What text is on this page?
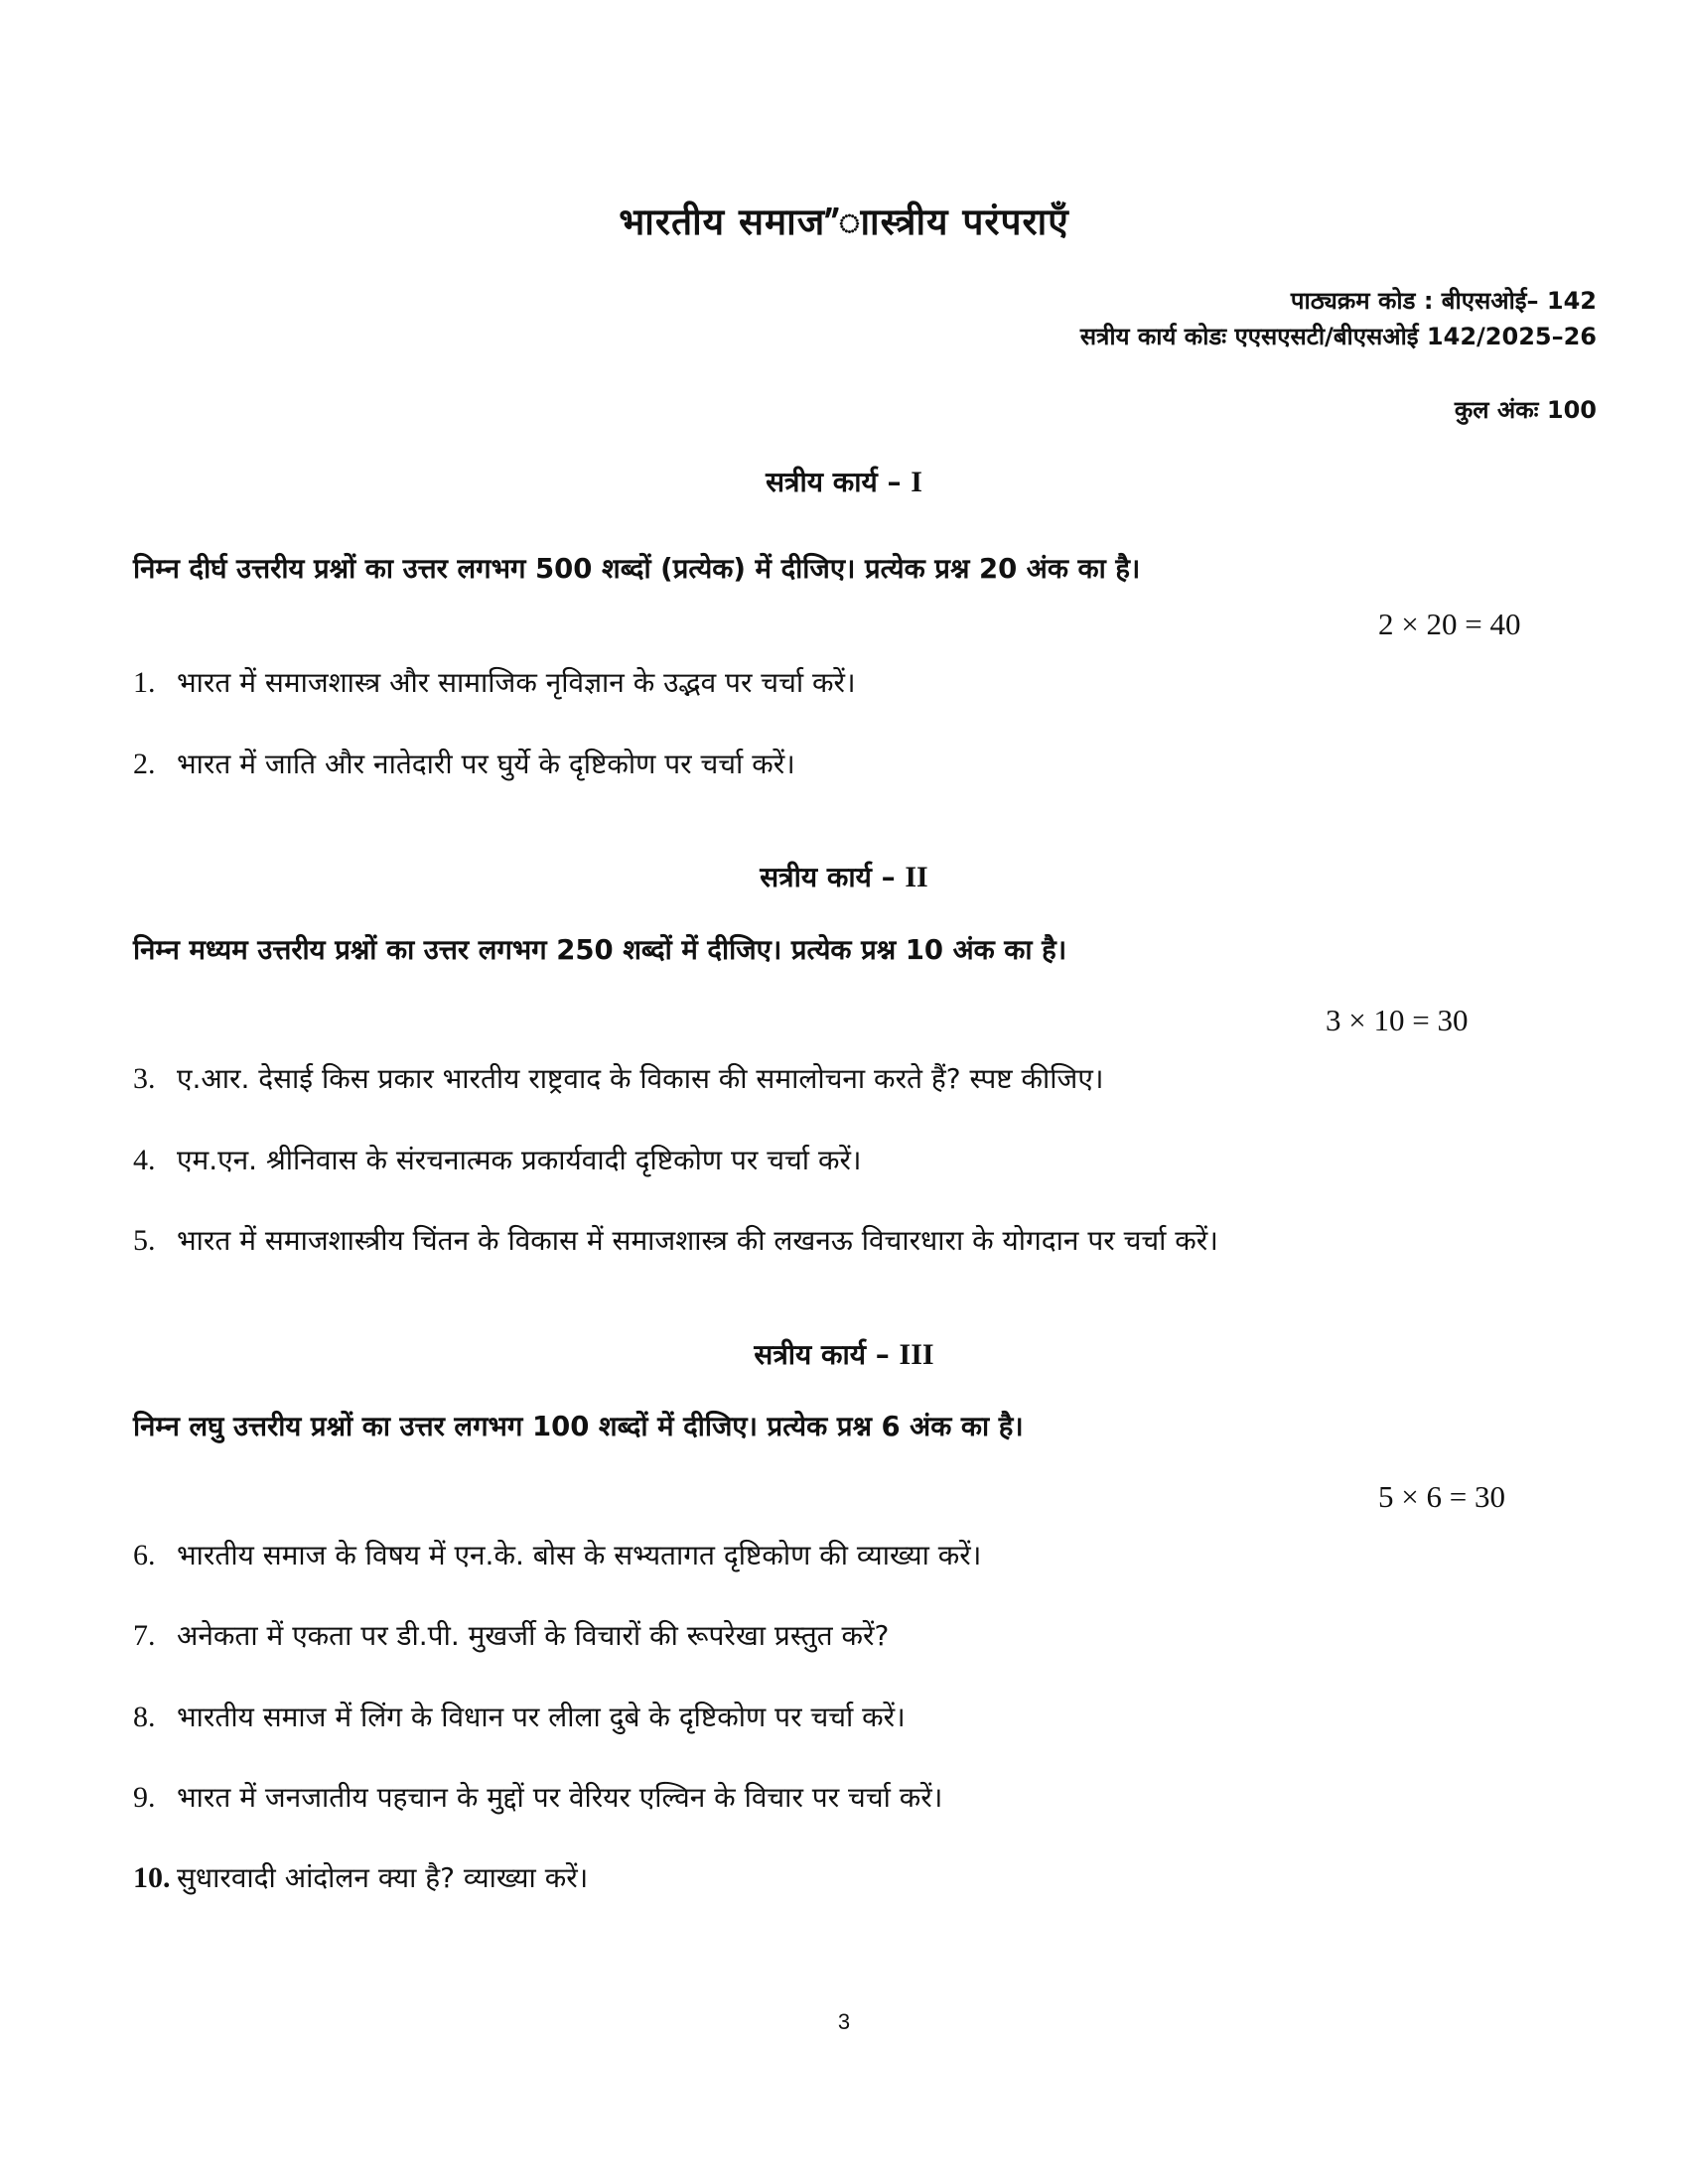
भारतीय समाज”ाास्त्रीय परंपराएँ
पाठ्यक्रम कोड : बीएसओई– 142
सत्रीय कार्य कोडः एएसएसटी/बीएसओई 142/2025–26
कुल अंकः 100
सत्रीय कार्य – I
निम्न दीर्घ उत्तरीय प्रश्नों का उत्तर लगभग 500 शब्दों (प्रत्येक) में दीजिए। प्रत्येक प्रश्न 20 अंक का है।
2 × 20 = 40
1. भारत में समाजशास्त्र और सामाजिक नृविज्ञान के उद्भव पर चर्चा करें।
2. भारत में जाति और नातेदारी पर घुर्ये के दृष्टिकोण पर चर्चा करें।
सत्रीय कार्य – II
निम्न मध्यम उत्तरीय प्रश्नों का उत्तर लगभग 250 शब्दों में दीजिए। प्रत्येक प्रश्न 10 अंक का है।
3 × 10 = 30
3. ए.आर. देसाई किस प्रकार भारतीय राष्ट्रवाद के विकास की समालोचना करते हैं? स्पष्ट कीजिए।
4. एम.एन. श्रीनिवास के संरचनात्मक प्रकार्यवादी दृष्टिकोण पर चर्चा करें।
5. भारत में समाजशास्त्रीय चिंतन के विकास में समाजशास्त्र की लखनऊ विचारधारा के योगदान पर चर्चा करें।
सत्रीय कार्य – III
निम्न लघु उत्तरीय प्रश्नों का उत्तर लगभग 100 शब्दों में दीजिए। प्रत्येक प्रश्न 6 अंक का है।
5 × 6 = 30
6. भारतीय समाज के विषय में एन.के. बोस के सभ्यतागत दृष्टिकोण की व्याख्या करें।
7. अनेकता में एकता पर डी.पी. मुखर्जी के विचारों की रूपरेखा प्रस्तुत करें?
8. भारतीय समाज में लिंग के विधान पर लीला दुबे के दृष्टिकोण पर चर्चा करें।
9. भारत में जनजातीय पहचान के मुद्दों पर वेरियर एल्विन के विचार पर चर्चा करें।
10. सुधारवादी आंदोलन क्या है? व्याख्या करें।
3
